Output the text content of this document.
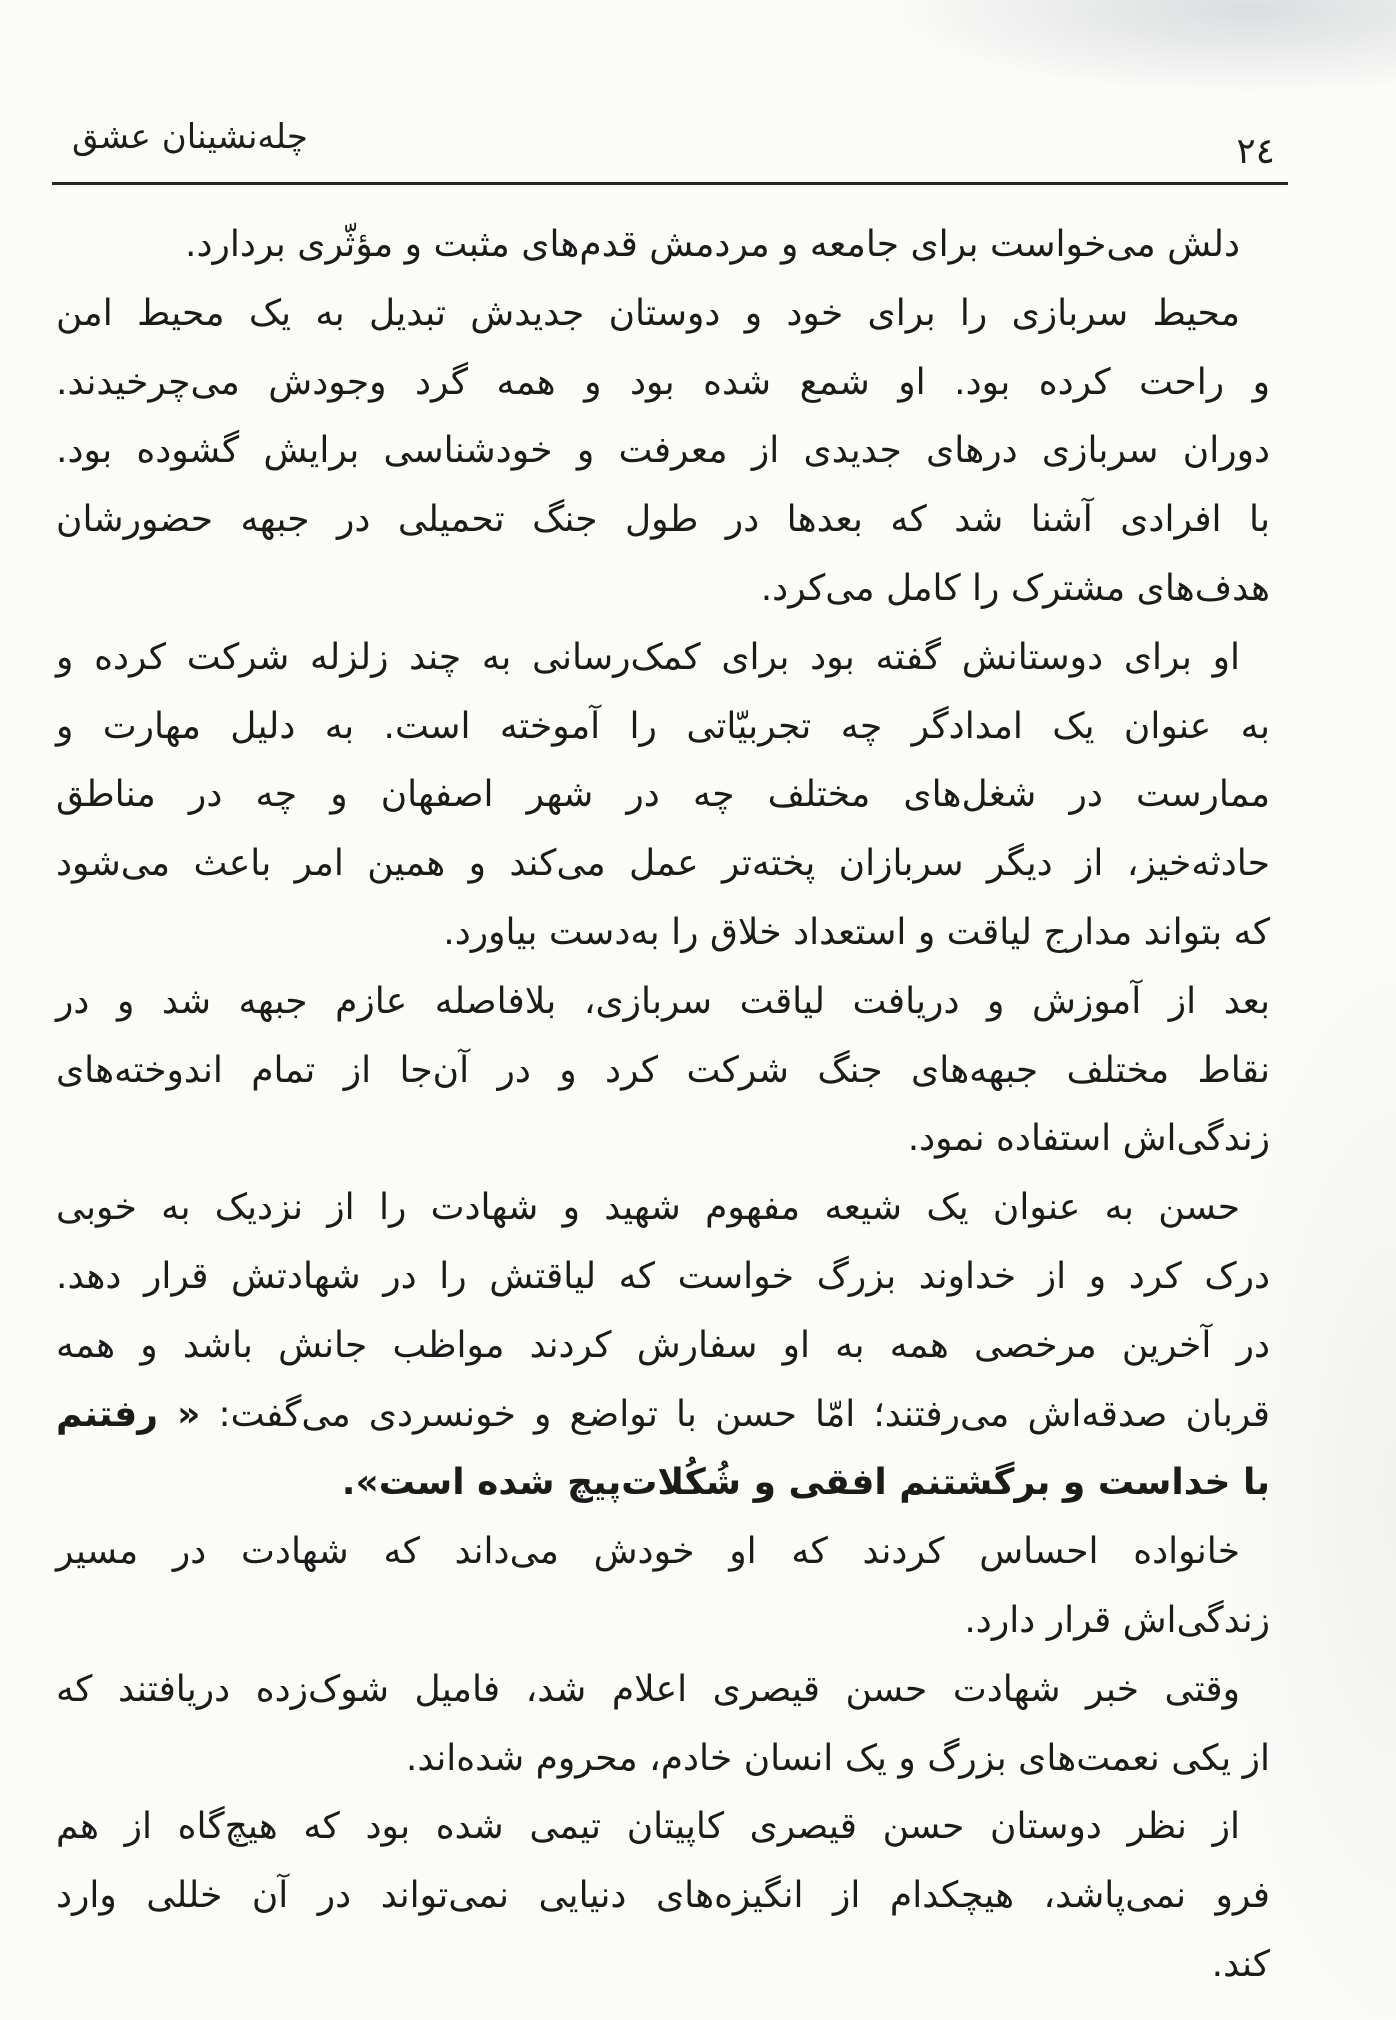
چله‌نشینان عشق	۲٤
دلش می‌خواست برای جامعه و مردمش قدم‌های مثبت و مؤثّری بردارد.
محیط سربازی را برای خود و دوستان جدیدش تبدیل به یک محیط امن
و راحت کرده بود. او شمع شده بود و همه گرد وجودش می‌چرخیدند.
دوران سربازی درهای جدیدی از معرفت و خودشناسی برایش گشوده بود.
با افرادی آشنا شد که بعدها در طول جنگ تحمیلی در جبهه حضورشان
هدف‌های مشترک را کامل می‌کرد.
او برای دوستانش گفته بود برای کمک‌رسانی به چند زلزله شرکت کرده و
به عنوان یک امدادگر چه تجربیّاتی را آموخته است. به دلیل مهارت و
ممارست در شغل‌های مختلف چه در شهر اصفهان و چه در مناطق
حادثه‌خیز، از دیگر سربازان پخته‌تر عمل می‌کند و همین امر باعث می‌شود
که بتواند مدارج لیاقت و استعداد خلاق را به‌دست بیاورد.
بعد از آموزش و دریافت لیاقت سربازی، بلافاصله عازم جبهه شد و در
نقاط مختلف جبهه‌های جنگ شرکت کرد و در آن‌جا از تمام اندوخته‌های
زندگی‌اش استفاده نمود.
حسن به عنوان یک شیعه مفهوم شهید و شهادت را از نزدیک به خوبی
درک کرد و از خداوند بزرگ خواست که لیاقتش را در شهادتش قرار دهد.
در آخرین مرخصی همه به او سفارش کردند مواظب جانش باشد و همه
قربان صدقه‌اش می‌رفتند؛ امّا حسن با تواضع و خونسردی می‌گفت: « رفتنم
با خداست و برگشتنم افقی و شُکُلات‌پیچ شده است».
خانواده احساس کردند که او خودش می‌داند که شهادت در مسیر
زندگی‌اش قرار دارد.
وقتی خبر شهادت حسن قیصری اعلام شد، فامیل شوک‌زده دریافتند که
از یکی نعمت‌های بزرگ و یک انسان خادم، محروم شده‌اند.
از نظر دوستان حسن قیصری کاپیتان تیمی شده بود که هیچ‌گاه از هم
فرو نمی‌پاشد، هیچکدام از انگیزه‌های دنیایی نمی‌تواند در آن خللی وارد
کند.
